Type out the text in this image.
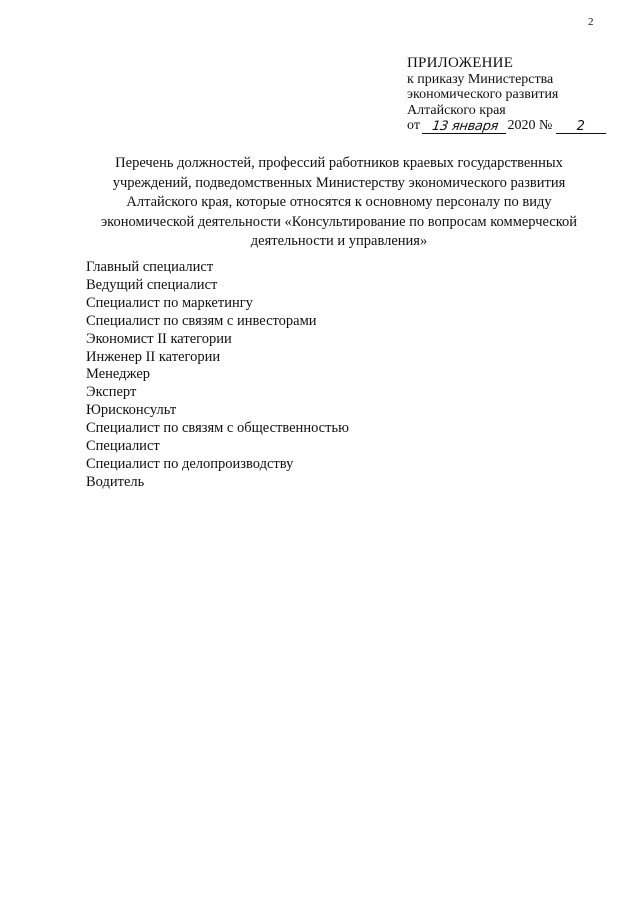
2
ПРИЛОЖЕНИЕ
к приказу Министерства
экономического развития
Алтайского края
от
13 января 2020
№
	2
Перечень должностей, профессий работников краевых государственных учреждений, подведомственных Министерству экономического развития Алтайского края, которые относятся к основному персоналу по виду экономической деятельности «Консультирование по вопросам коммерческой деятельности и управления»
Главный специалист
Ведущий специалист
Специалист по маркетингу
Специалист по связям с инвесторами
Экономист II категории
Инженер II категории
Менеджер
Эксперт
Юрисконсульт
Специалист по связям с общественностью
Специалист
Специалист по делопроизводству
Водитель
